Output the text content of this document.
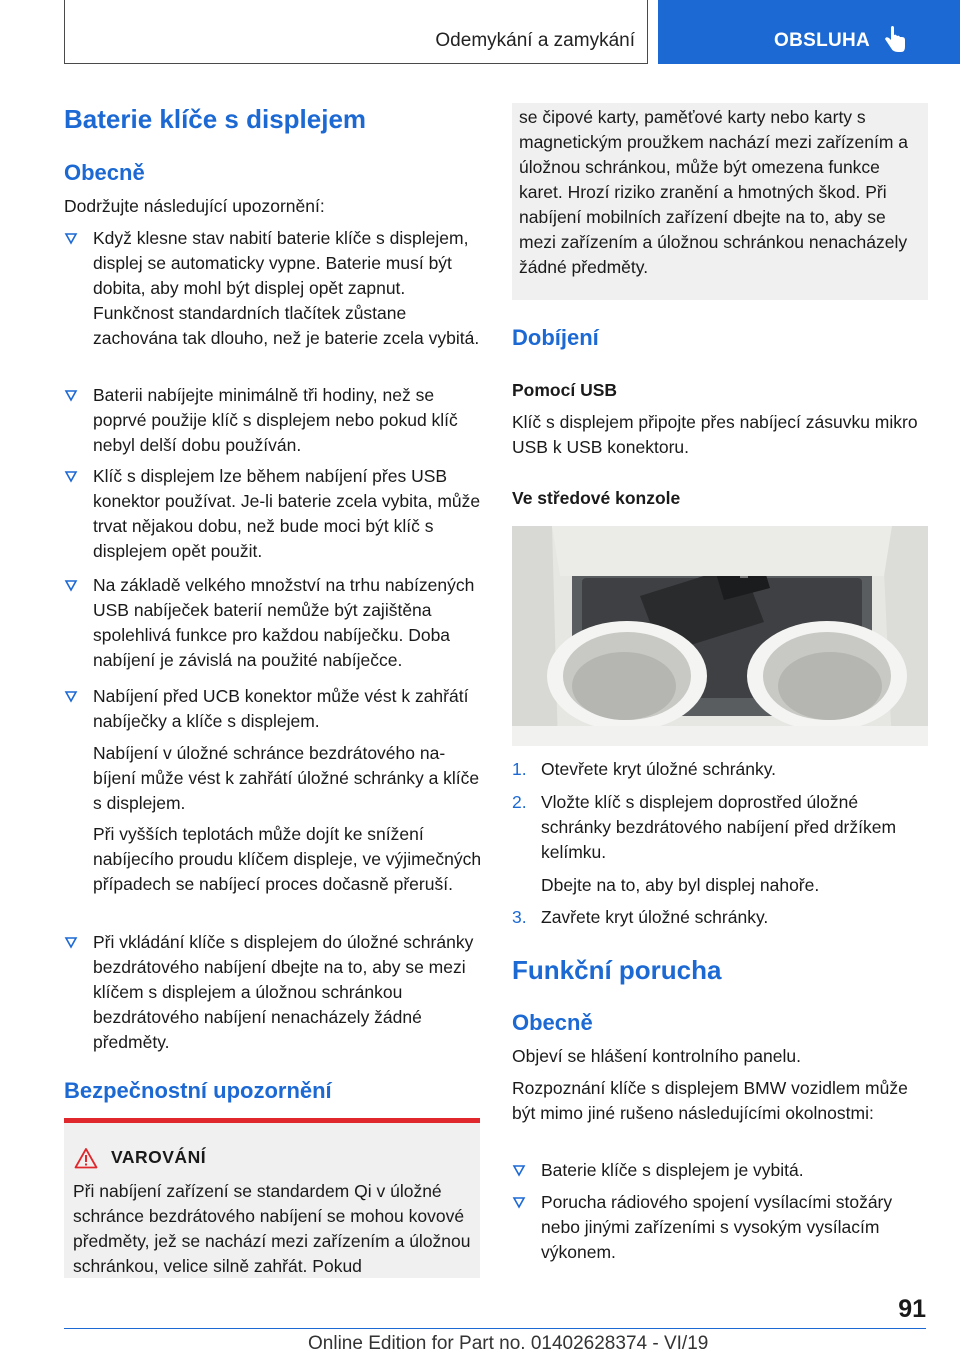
Odemykání a zamykání	OBSLUHA
Baterie klíče s displejem
Obecně

Dodržujte následující upozornění:

Když klesne stav nabití baterie klíče s displejem, displej se automaticky vypne. Baterie musí být dobita, aby mohl být displej opět zapnut. Funkčnost standardních tlačítek zůstane zachována tak dlouho, než je baterie zcela vybitá.
Baterii nabíjejte minimálně tři hodiny, než se poprvé použije klíč s displejem nebo pokud klíč nebyl delší dobu používán.
Klíč s displejem lze během nabíjení přes USB konektor používat. Je-li baterie zcela vybita, může trvat nějakou dobu, než bude moci být klíč s displejem opět použit.
Na základě velkého množství na trhu nabízených USB nabíječek baterií nemůže být zajištěna spolehlivá funkce pro každou nabíječku. Doba nabíjení je závislá na použité nabíječce.
Nabíjení před UCB konektor může vést k zahřátí nabíječky a klíče s displejem.
Nabíjení v úložné schránce bezdrátového nabíjení může vést k zahřátí úložné schránky a klíče s displejem.
Při vyšších teplotách může dojít ke snížení nabíjecího proudu klíčem displeje, ve výjimečných případech se nabíjecí proces dočasně přeruší.
Při vkládání klíče s displejem do úložné schránky bezdrátového nabíjení dbejte na to, aby se mezi klíčem s displejem a úložnou schránkou bezdrátového nabíjení nenacházely žádné předměty.
Bezpečnostní upozornění
VAROVÁNÍ
Při nabíjení zařízení se standardem Qi v úložné schránce bezdrátového nabíjení se mohou kovové předměty, jež se nachází mezi zařízením a úložnou schránkou, velice silně zahřát. Pokud
se čipové karty, paměťové karty nebo karty s magnetickým proužkem nachází mezi zařízením a úložnou schránkou, může být omezena funkce karet. Hrozí riziko zranění a hmotných škod. Při nabíjení mobilních zařízení dbejte na to, aby se mezi zařízením a úložnou schránkou nenacházely žádné předměty.
Dobíjení
Pomocí USB

Klíč s displejem připojte přes nabíjecí zásuvku mikro USB k USB konektoru.

Ve středové konzole
1. Otevřete kryt úložné schránky.
2. Vložte klíč s displejem doprostřed úložné schránky bezdrátového nabíjení před držíkem kelímku.
Dbejte na to, aby byl displej nahoře.
3. Zavřete kryt úložné schránky.
Funkční porucha
Obecně

Objeví se hlášení kontrolního panelu.

Rozpoznání klíče s displejem BMW vozidlem může být mimo jiné rušeno následujícími okolnostmi:

Baterie klíče s displejem je vybitá.
Porucha rádiového spojení vysílacími stožáry nebo jinými zařízeními s vysokým vysílacím výkonem.
91
Online Edition for Part no. 01402628374 - VI/19
